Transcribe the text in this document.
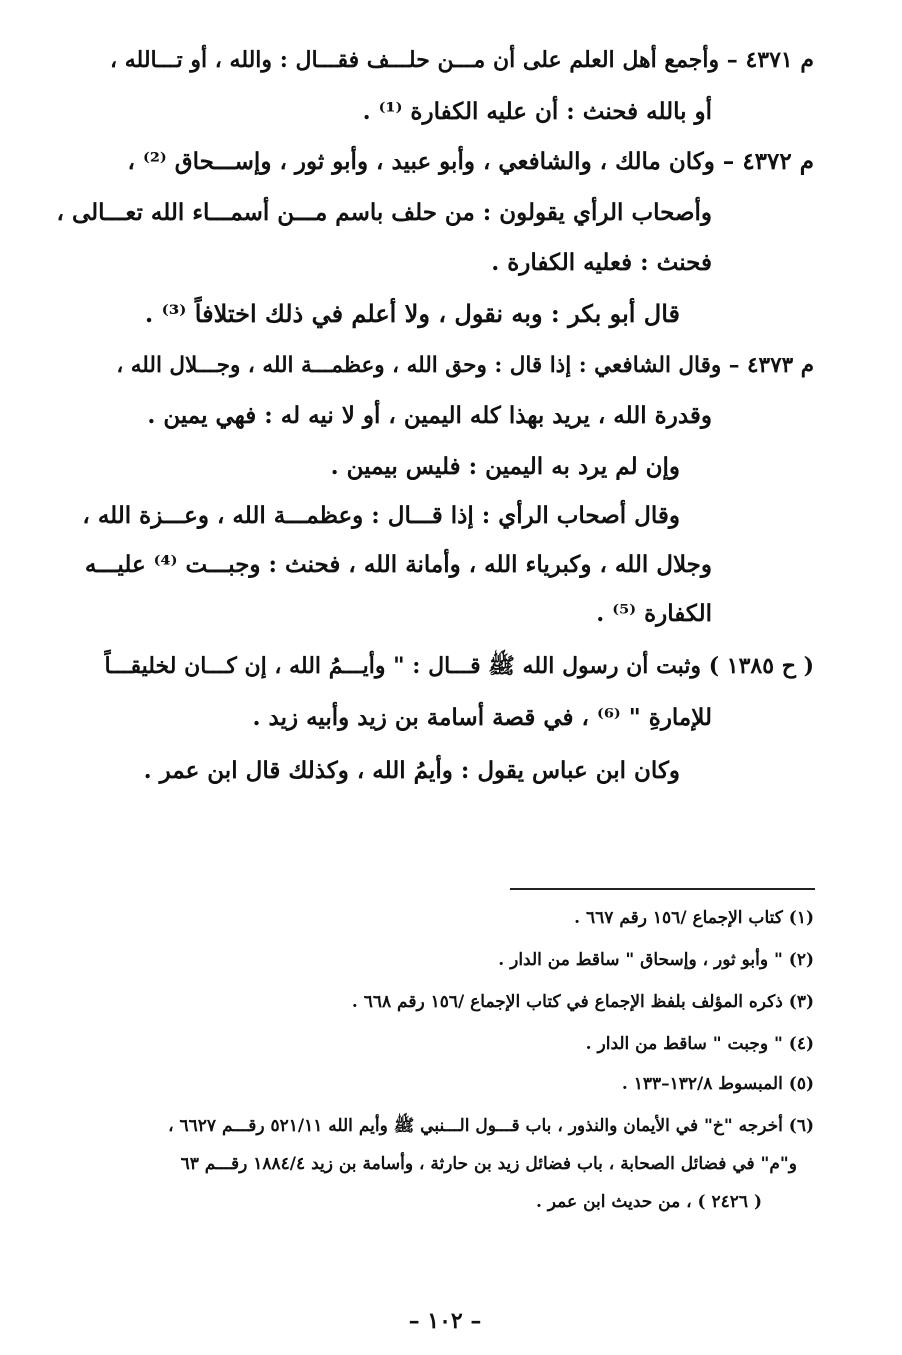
م ٤٣٧١ – وأجمع أهل العلم على أن مـــن حلـــف فقـــال : والله ، أو تـــالله ،
أو بالله فحنث : أن عليه الكفارة ⁽¹⁾ .
م ٤٣٧٢ – وكان مالك ، والشافعي ، وأبو عبيد ، وأبو ثور ، وإســـحاق ⁽²⁾ ،
وأصحاب الرأي يقولون : من حلف باسم مـــن أسمـــاء الله تعـــالى ،
فحنث : فعليه الكفارة .
قال أبو بكر : وبه نقول ، ولا أعلم في ذلك اختلافاً ⁽³⁾ .
م ٤٣٧٣ – وقال الشافعي : إذا قال : وحق الله ، وعظمـــة الله ، وجـــلال الله ،
وقدرة الله ، يريد بهذا كله اليمين ، أو لا نيه له : فهي يمين .
وإن لم يرد به اليمين : فليس بيمين .
وقال أصحاب الرأي : إذا قـــال : وعظمـــة الله ، وعـــزة الله ،
وجلال الله ، وكبرياء الله ، وأمانة الله ، فحنث : وجبـــت ⁽⁴⁾ عليـــه
الكفارة ⁽⁵⁾ .
( ح ١٣٨٥ ) وثبت أن رسول الله ﷺ قـــال : " وأيـــمُ الله ، إن كـــان لخليقـــاً
للإمارةِ " ⁽⁶⁾ ، في قصة أسامة بن زيد وأبيه زيد .
وكان ابن عباس يقول : وأيمُ الله ، وكذلك قال ابن عمر .
(١) كتاب الإجماع /١٥٦ رقم ٦٦٧ .
(٢) " وأبو ثور ، وإسحاق " ساقط من الدار .
(٣) ذكره المؤلف بلفظ الإجماع في كتاب الإجماع /١٥٦ رقم ٦٦٨ .
(٤) " وجبت " ساقط من الدار .
(٥) المبسوط ١٣٢/٨–١٣٣ .
(٦) أخرجه "خ" في الأيمان والنذور ، باب قـــول الـــنبي ﷺ وأيم الله ٥٢١/١١ رقـــم ٦٦٢٧ ،
و"م" في فضائل الصحابة ، باب فضائل زيد بن حارثة ، وأسامة بن زيد ١٨٨٤/٤ رقـــم ٦٣
( ٢٤٢٦ ) ، من حديث ابن عمر .
– ١٠٢ –
